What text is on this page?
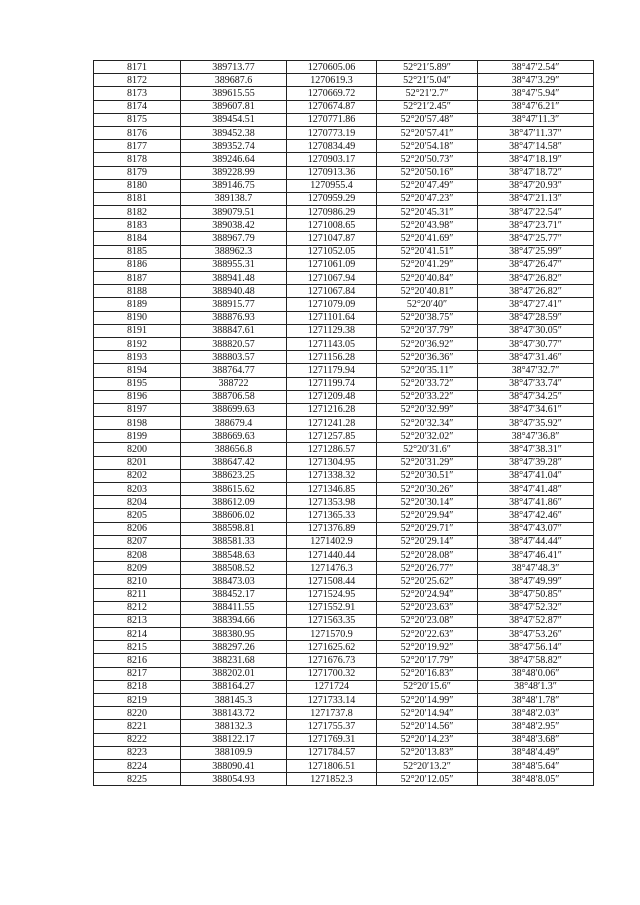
8171	389713.77	1270605.06	52°21′5.89″	38°47′2.54″
8172	389687.6	1270619.3	52°21′5.04″	38°47′3.29″
8173	389615.55	1270669.72	52°21′2.7″	38°47′5.94″
8174	389607.81	1270674.87	52°21′2.45″	38°47′6.21″
8175	389454.51	1270771.86	52°20′57.48″	38°47′11.3″
8176	389452.38	1270773.19	52°20′57.41″	38°47′11.37″
8177	389352.74	1270834.49	52°20′54.18″	38°47′14.58″
8178	389246.64	1270903.17	52°20′50.73″	38°47′18.19″
8179	389228.99	1270913.36	52°20′50.16″	38°47′18.72″
8180	389146.75	1270955.4	52°20′47.49″	38°47′20.93″
8181	389138.7	1270959.29	52°20′47.23″	38°47′21.13″
8182	389079.51	1270986.29	52°20′45.31″	38°47′22.54″
8183	389038.42	1271008.65	52°20′43.98″	38°47′23.71″
8184	388967.79	1271047.87	52°20′41.69″	38°47′25.77″
8185	388962.3	1271052.05	52°20′41.51″	38°47′25.99″
8186	388955.31	1271061.09	52°20′41.29″	38°47′26.47″
8187	388941.48	1271067.94	52°20′40.84″	38°47′26.82″
8188	388940.48	1271067.84	52°20′40.81″	38°47′26.82″
8189	388915.77	1271079.09	52°20′40″	38°47′27.41″
8190	388876.93	1271101.64	52°20′38.75″	38°47′28.59″
8191	388847.61	1271129.38	52°20′37.79″	38°47′30.05″
8192	388820.57	1271143.05	52°20′36.92″	38°47′30.77″
8193	388803.57	1271156.28	52°20′36.36″	38°47′31.46″
8194	388764.77	1271179.94	52°20′35.11″	38°47′32.7″
8195	388722	1271199.74	52°20′33.72″	38°47′33.74″
8196	388706.58	1271209.48	52°20′33.22″	38°47′34.25″
8197	388699.63	1271216.28	52°20′32.99″	38°47′34.61″
8198	388679.4	1271241.28	52°20′32.34″	38°47′35.92″
8199	388669.63	1271257.85	52°20′32.02″	38°47′36.8″
8200	388656.8	1271286.57	52°20′31.6″	38°47′38.31″
8201	388647.42	1271304.95	52°20′31.29″	38°47′39.28″
8202	388623.25	1271338.32	52°20′30.51″	38°47′41.04″
8203	388615.62	1271346.85	52°20′30.26″	38°47′41.48″
8204	388612.09	1271353.98	52°20′30.14″	38°47′41.86″
8205	388606.02	1271365.33	52°20′29.94″	38°47′42.46″
8206	388598.81	1271376.89	52°20′29.71″	38°47′43.07″
8207	388581.33	1271402.9	52°20′29.14″	38°47′44.44″
8208	388548.63	1271440.44	52°20′28.08″	38°47′46.41″
8209	388508.52	1271476.3	52°20′26.77″	38°47′48.3″
8210	388473.03	1271508.44	52°20′25.62″	38°47′49.99″
8211	388452.17	1271524.95	52°20′24.94″	38°47′50.85″
8212	388411.55	1271552.91	52°20′23.63″	38°47′52.32″
8213	388394.66	1271563.35	52°20′23.08″	38°47′52.87″
8214	388380.95	1271570.9	52°20′22.63″	38°47′53.26″
8215	388297.26	1271625.62	52°20′19.92″	38°47′56.14″
8216	388231.68	1271676.73	52°20′17.79″	38°47′58.82″
8217	388202.01	1271700.32	52°20′16.83″	38°48′0.06″
8218	388164.27	1271724	52°20′15.6″	38°48′1.3″
8219	388145.3	1271733.14	52°20′14.99″	38°48′1.78″
8220	388143.72	1271737.8	52°20′14.94″	38°48′2.03″
8221	388132.3	1271755.37	52°20′14.56″	38°48′2.95″
8222	388122.17	1271769.31	52°20′14.23″	38°48′3.68″
8223	388109.9	1271784.57	52°20′13.83″	38°48′4.49″
8224	388090.41	1271806.51	52°20′13.2″	38°48′5.64″
8225	388054.93	1271852.3	52°20′12.05″	38°48′8.05″
